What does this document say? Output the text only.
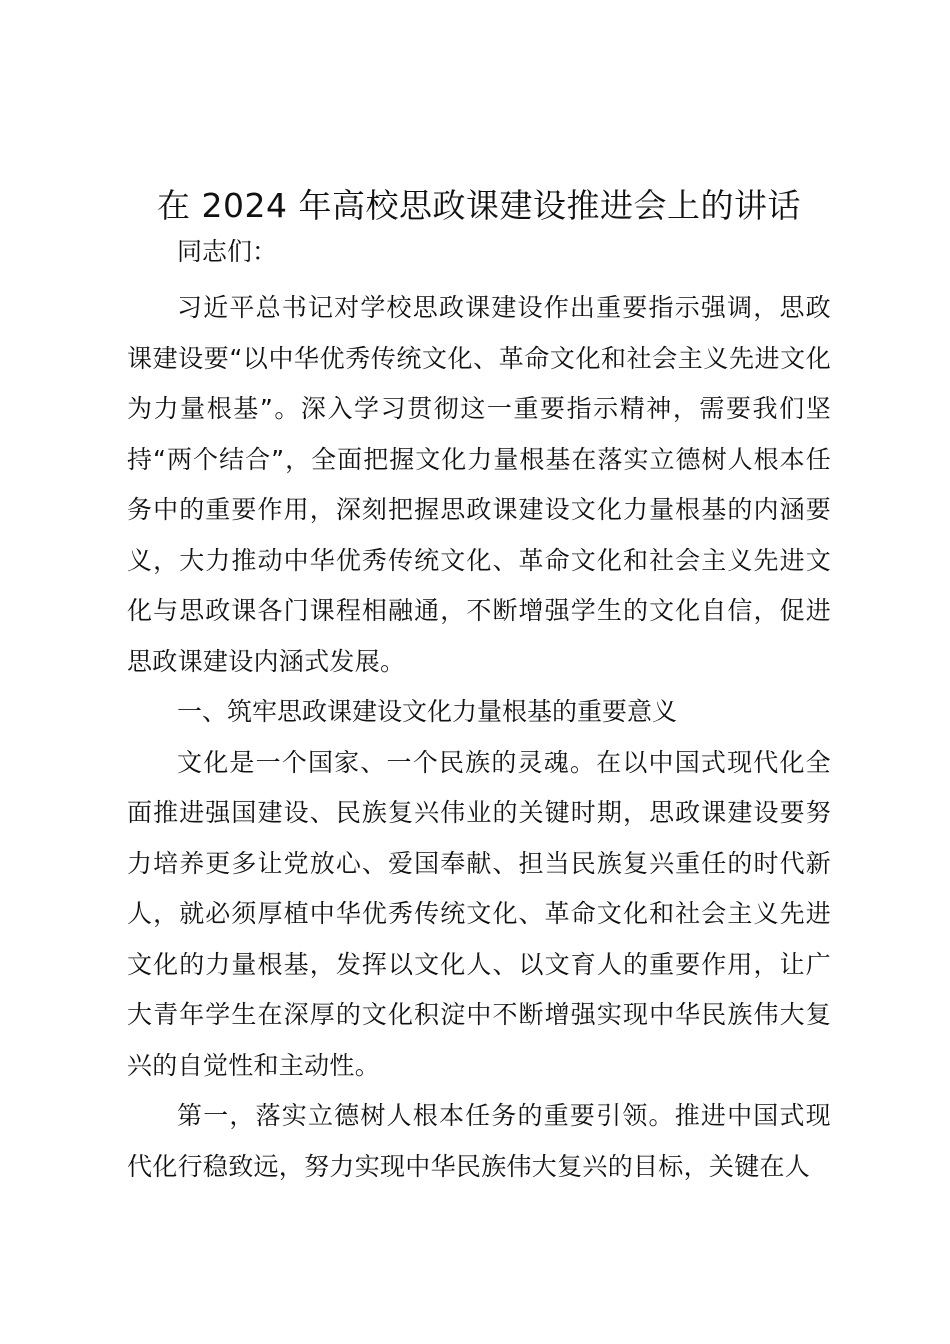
在 2024 年高校思政课建设推进会上的讲话

同志们：

习近平总书记对学校思政课建设作出重要指示强调，思政课建设要“以中华优秀传统文化、革命文化和社会主义先进文化为力量根基”。深入学习贯彻这一重要指示精神，需要我们坚持“两个结合”，全面把握文化力量根基在落实立德树人根本任务中的重要作用，深刻把握思政课建设文化力量根基的内涵要义，大力推动中华优秀传统文化、革命文化和社会主义先进文化与思政课各门课程相融通，不断增强学生的文化自信，促进思政课建设内涵式发展。

一、筑牢思政课建设文化力量根基的重要意义

文化是一个国家、一个民族的灵魂。在以中国式现代化全面推进强国建设、民族复兴伟业的关键时期，思政课建设要努力培养更多让党放心、爱国奉献、担当民族复兴重任的时代新人，就必须厚植中华优秀传统文化、革命文化和社会主义先进文化的力量根基，发挥以文化人、以文育人的重要作用，让广大青年学生在深厚的文化积淀中不断增强实现中华民族伟大复兴的自觉性和主动性。

第一，落实立德树人根本任务的重要引领。推进中国式现代化行稳致远，努力实现中华民族伟大复兴的目标，关键在人
